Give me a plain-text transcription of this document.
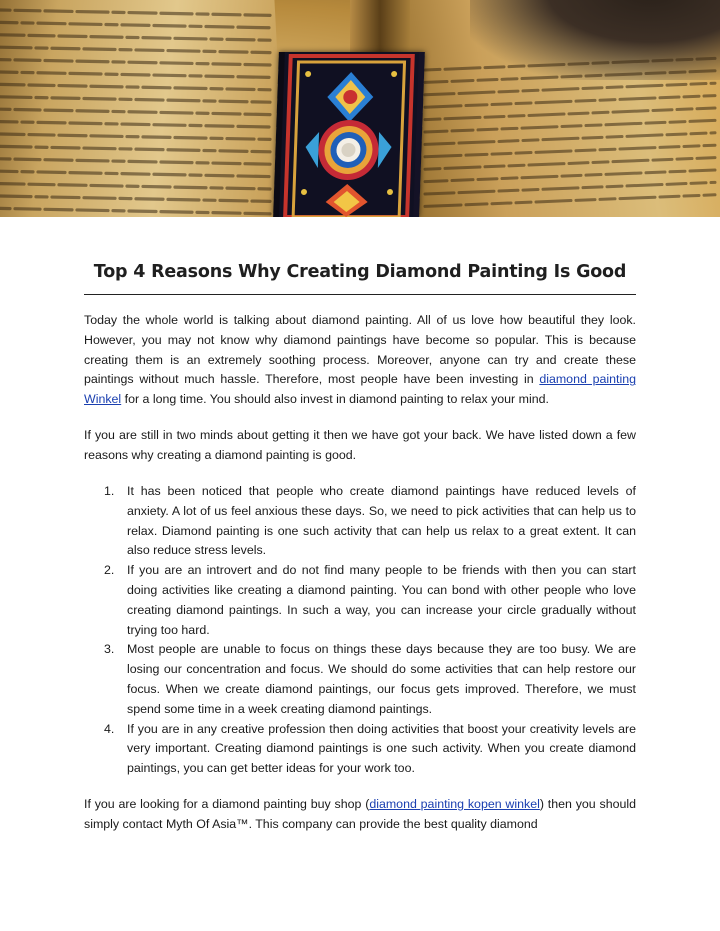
Top 4 Reasons Why Creating Diamond Painting Is Good

Today the whole world is talking about diamond painting. All of us love how beautiful they look. However, you may not know why diamond paintings have become so popular. This is because creating them is an extremely soothing process. Moreover, anyone can try and create these paintings without much hassle. Therefore, most people have been investing in diamond painting Winkel for a long time. You should also invest in diamond painting to relax your mind.

If you are still in two minds about getting it then we have got your back. We have listed down a few reasons why creating a diamond painting is good.

1. It has been noticed that people who create diamond paintings have reduced levels of anxiety. A lot of us feel anxious these days. So, we need to pick activities that can help us to relax. Diamond painting is one such activity that can help us relax to a great extent. It can also reduce stress levels.
2. If you are an introvert and do not find many people to be friends with then you can start doing activities like creating a diamond painting. You can bond with other people who love creating diamond paintings. In such a way, you can increase your circle gradually without trying too hard.
3. Most people are unable to focus on things these days because they are too busy. We are losing our concentration and focus. We should do some activities that can help restore our focus. When we create diamond paintings, our focus gets improved. Therefore, we must spend some time in a week creating diamond paintings.
4. If you are in any creative profession then doing activities that boost your creativity levels are very important. Creating diamond paintings is one such activity. When you create diamond paintings, you can get better ideas for your work too.

If you are looking for a diamond painting buy shop (diamond painting kopen winkel) then you should simply contact Myth Of Asia™. This company can provide the best quality diamond
